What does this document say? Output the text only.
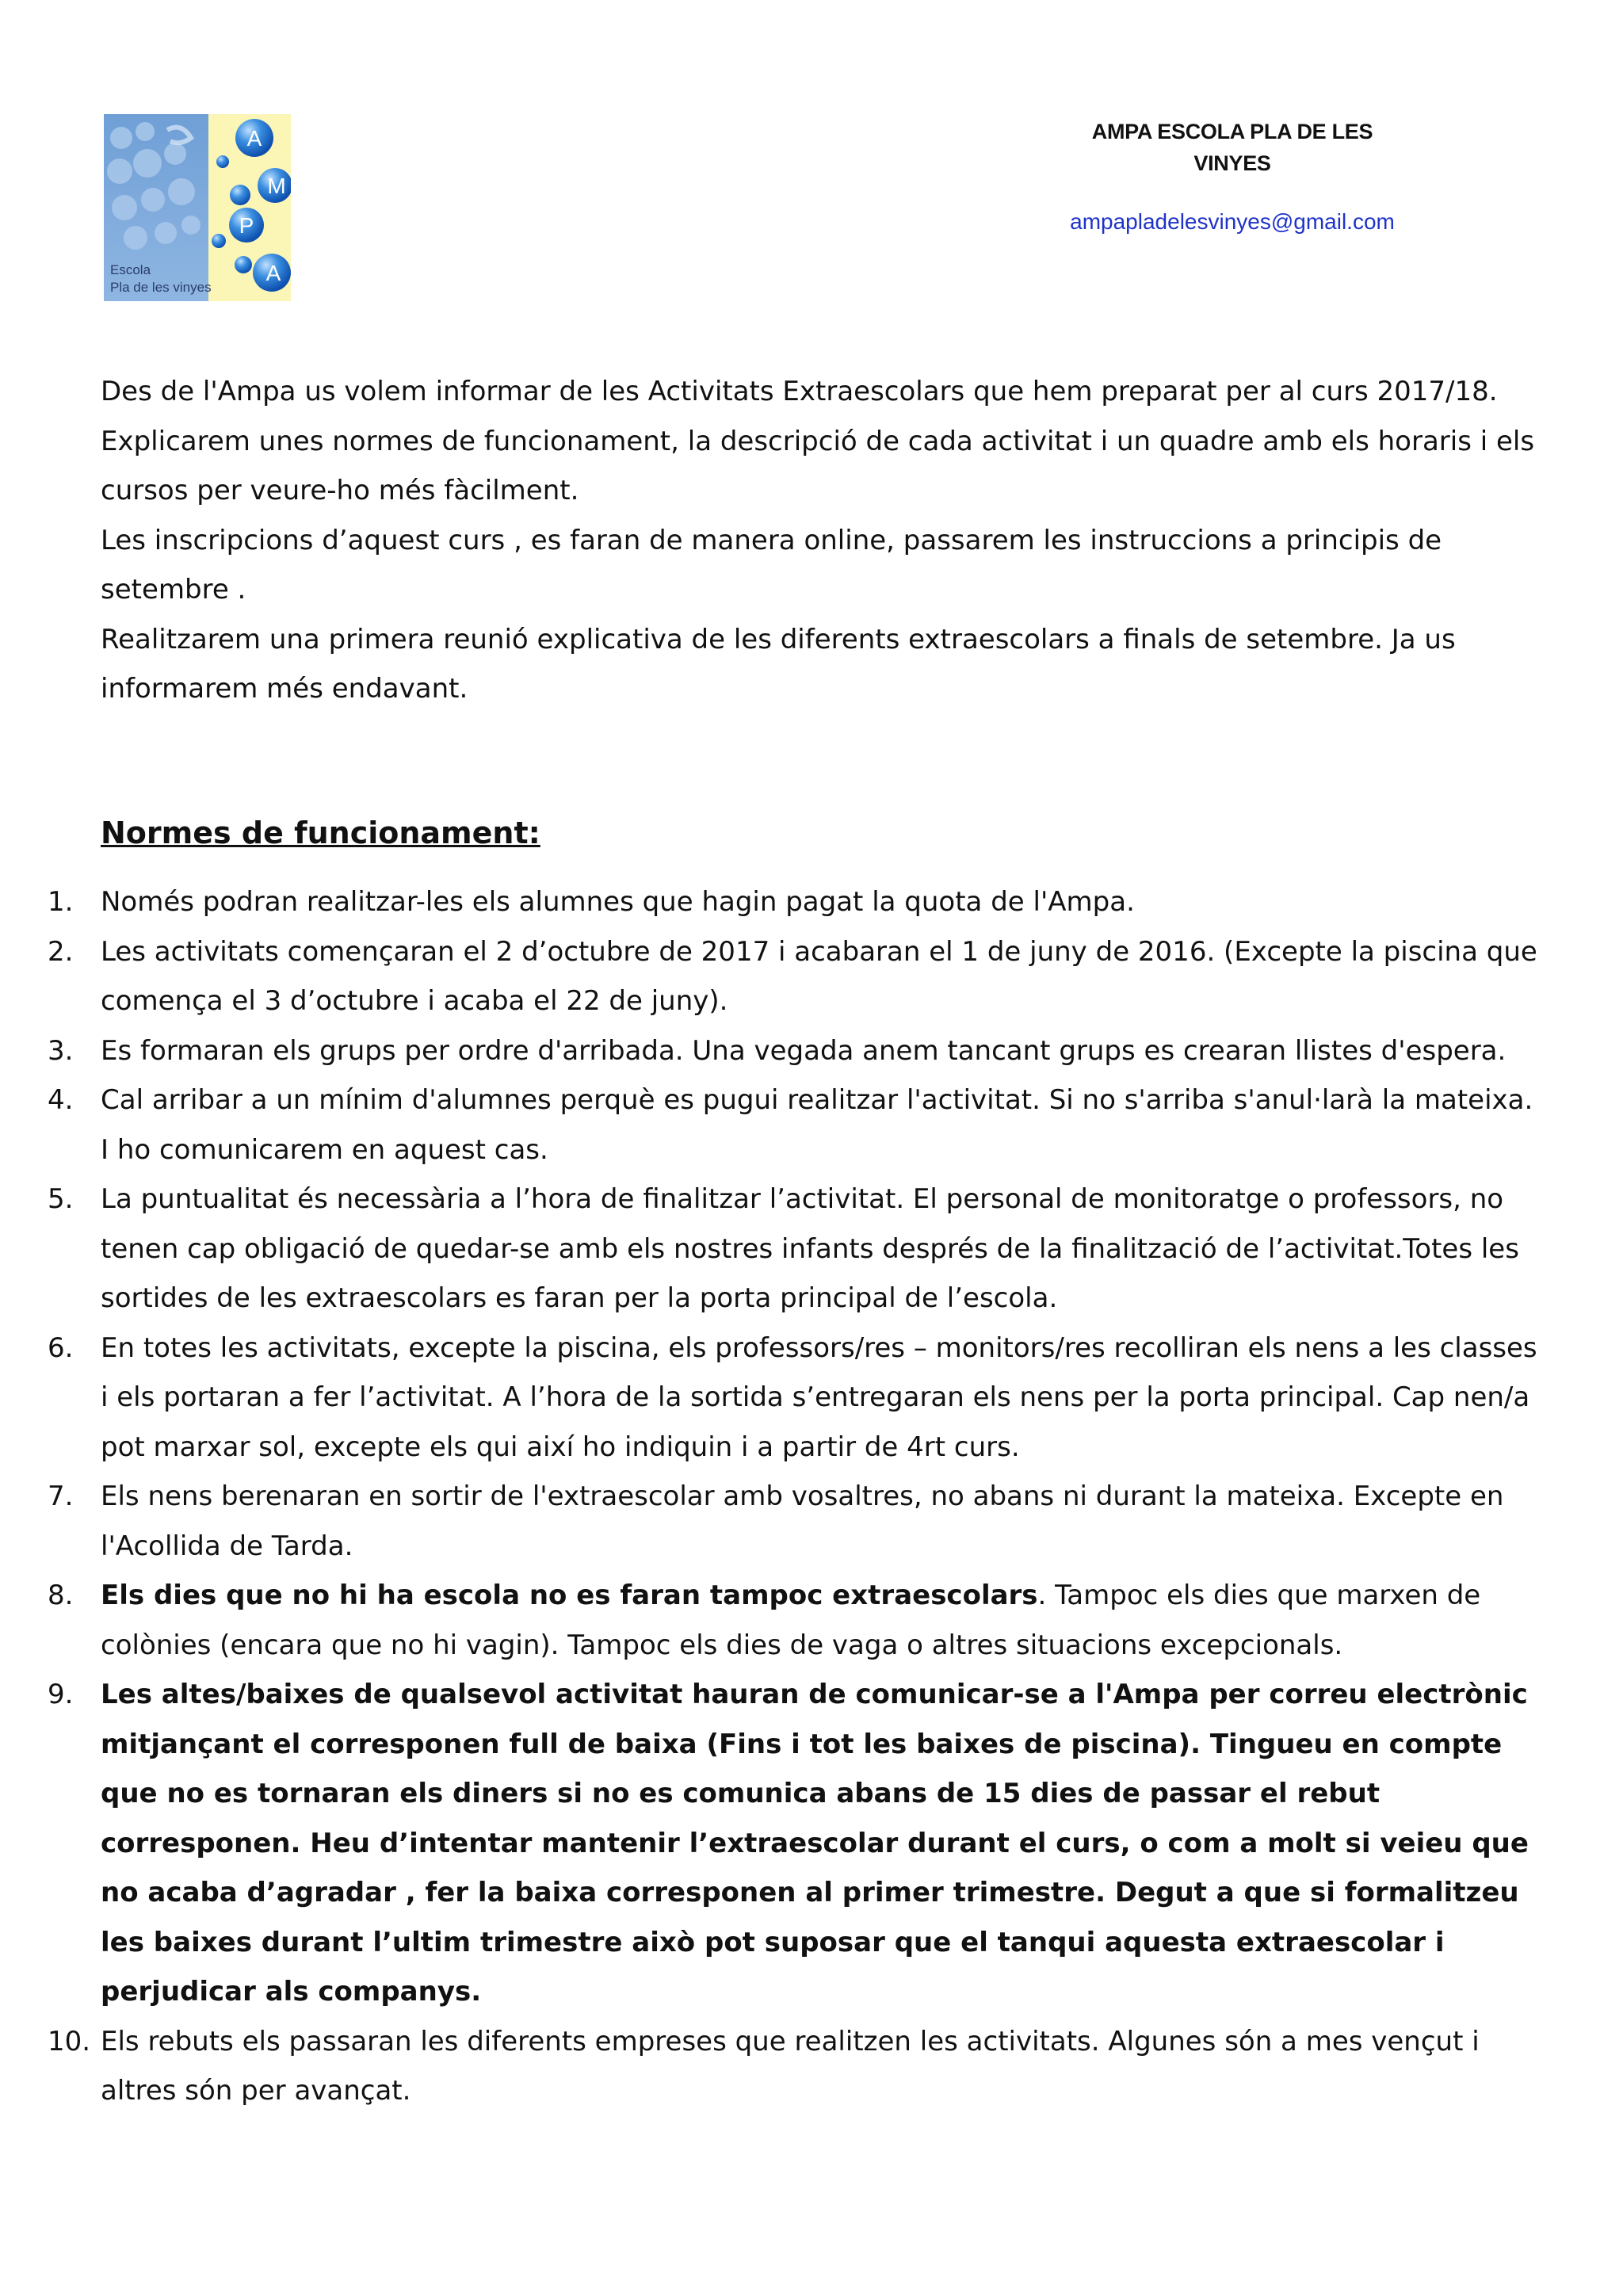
A
M
P
A
Escola
Pla de les vinyes
AMPA ESCOLA PLA DE LES
VINYES
ampapladelesvinyes@gmail.com

Des de l'Ampa us volem informar de les Activitats Extraescolars que hem preparat per al curs 2017/18.

Explicarem unes normes de funcionament, la descripció de cada activitat i un quadre amb els horaris i els cursos per veure-ho més fàcilment.

Les inscripcions d’aquest curs , es faran de manera online, passarem les instruccions a principis de setembre .

Realitzarem una primera reunió explicativa de les diferents extraescolars a finals de setembre. Ja us informarem més endavant.

Normes de funcionament:
1.	Només podran realitzar-les els alumnes que hagin pagat la quota de l'Ampa.
2.	Les activitats començaran el 2 d’octubre de 2017 i acabaran el 1 de juny de 2016. (Excepte la piscina que comença el 3 d’octubre i acaba el 22 de juny).
3.	Es formaran els grups per ordre d'arribada. Una vegada anem tancant grups es crearan llistes d'espera.
4.	Cal arribar a un mínim d'alumnes perquè es pugui realitzar l'activitat. Si no s'arriba s'anul·larà la mateixa. I ho comunicarem en aquest cas.
5.	La puntualitat és necessària a l’hora de finalitzar l’activitat. El personal de monitoratge o professors, no tenen cap obligació de quedar-se amb els nostres infants després de la finalització de l’activitat.Totes les sortides de les extraescolars es faran per la porta principal de l’escola.
6.	En totes les activitats, excepte la piscina, els professors/res – monitors/res recolliran els nens a les classes i els portaran a fer l’activitat. A l’hora de la sortida s’entregaran els nens per la porta principal. Cap nen/a pot marxar sol, excepte els qui així ho indiquin i a partir de 4rt curs.
7.	Els nens berenaran en sortir de l'extraescolar amb vosaltres, no abans ni durant la mateixa. Excepte en l'Acollida de Tarda.
8.	Els dies que no hi ha escola no es faran tampoc extraescolars. Tampoc els dies que marxen de colònies (encara que no hi vagin). Tampoc els dies de vaga o altres situacions excepcionals.
9.	Les altes/baixes de qualsevol activitat hauran de comunicar-se a l'Ampa per correu electrònic mitjançant el corresponen full de baixa (Fins i tot les baixes de piscina). Tingueu en compte que no es tornaran els diners si no es comunica abans de 15 dies de passar el rebut corresponen. Heu d’intentar mantenir l’extraescolar durant el curs, o com a molt si veieu que no acaba d’agradar , fer la baixa corresponen al primer trimestre. Degut a que si formalitzeu les baixes durant l’ultim trimestre això pot suposar que el tanqui aquesta extraescolar i perjudicar als companys.
10. Els rebuts els passaran les diferents empreses que realitzen les activitats. Algunes són a mes vençut i altres són per avançat.
